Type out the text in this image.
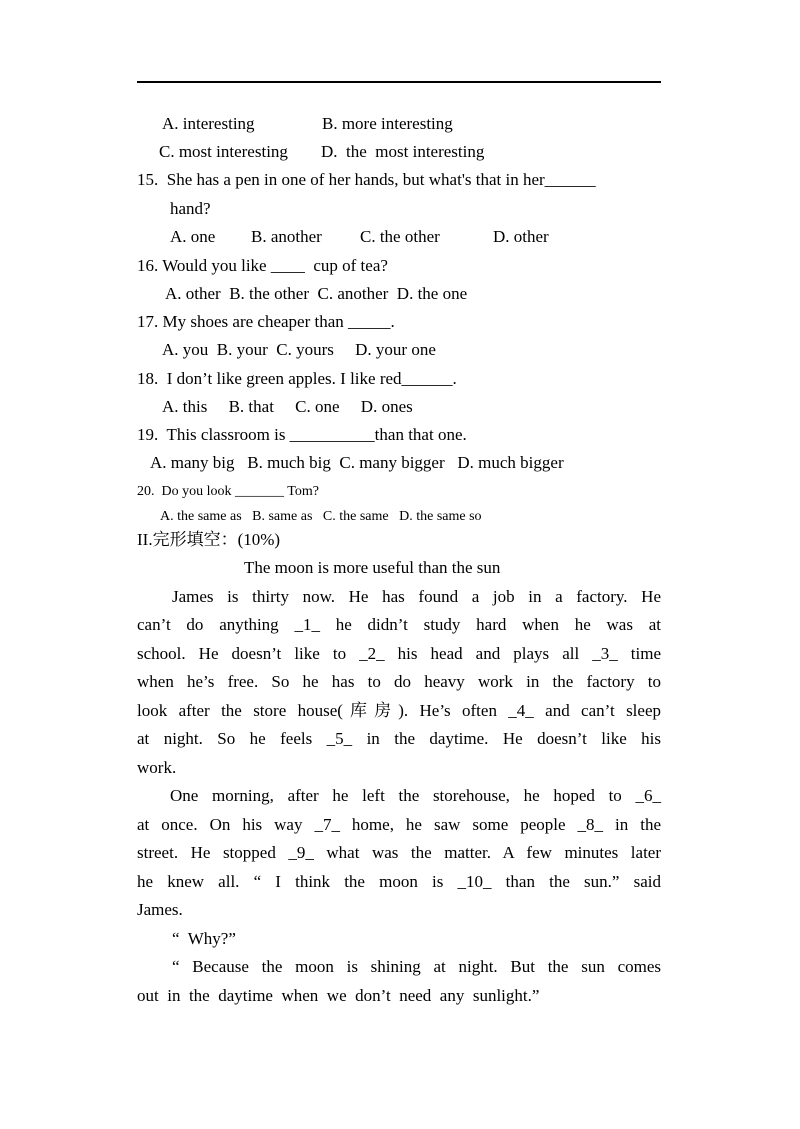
A. interesting	B. more interesting
C. most interesting D.  the  most interesting
15.  She has a pen in one of her hands, but what's that in her______
hand?
A. one B. another C. the other	D. other
16. Would you like ____  cup of tea?
A. other  B. the other  C. another  D. the one
17. My shoes are cheaper than _____.
A. you  B. your  C. yours     D. your one
18.  I don’t like green apples. I like red______.
A. this     B. that     C. one     D. ones
19.  This classroom is __________than that one.
A. many big   B. much big  C. many bigger   D. much bigger
20.  Do you look _______ Tom?
A. the same as   B. same as   C. the same   D. the same so
II.完形填空：(10%)
The moon is more useful than the sun
James is thirty now. He has found a job in a factory. He
can’t do anything _1_ he didn’t study hard when he was at
school. He doesn’t like to _2_ his head and plays all _3_ time
when he’s free. So he has to do heavy work in the factory to
look after the store house(库房). He’s often _4_ and can’t sleep
at night. So he feels _5_ in the daytime. He doesn’t like his
work.
One morning, after he left the storehouse, he hoped to _6_
at once. On his way _7_ home, he saw some people _8_ in the
street. He stopped _9_ what was the matter. A few minutes later
he knew all. “ I think the moon is _10_ than the sun.” said
James.
“  Why?”
“ Because the moon is shining at night. But the sun comes
out  in  the  daytime  when  we  don’t  need  any  sunlight.”
